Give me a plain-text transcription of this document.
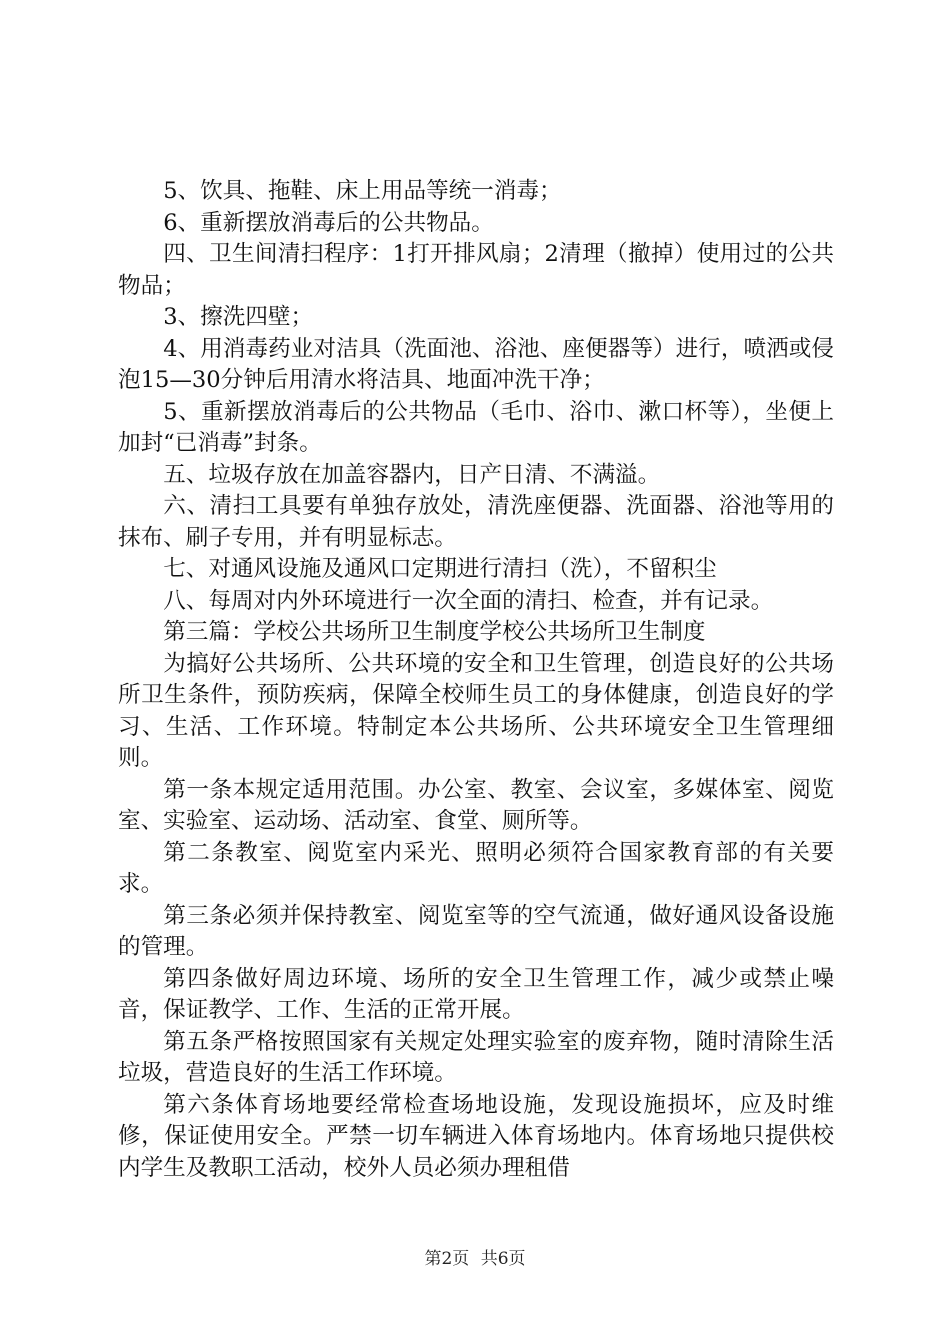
5、饮具、拖鞋、床上用品等统一消毒；

6、重新摆放消毒后的公共物品。

四、卫生间清扫程序：1打开排风扇；2清理（撤掉）使用过的公共物品；

3、擦洗四壁；

4、用消毒药业对洁具（洗面池、浴池、座便器等）进行，喷洒或侵泡15—30分钟后用清水将洁具、地面冲洗干净；

5、重新摆放消毒后的公共物品（毛巾、浴巾、漱口杯等），坐便上加封“已消毒”封条。

五、垃圾存放在加盖容器内，日产日清、不满溢。

六、清扫工具要有单独存放处，清洗座便器、洗面器、浴池等用的抹布、刷子专用，并有明显标志。

七、对通风设施及通风口定期进行清扫（洗），不留积尘

八、每周对内外环境进行一次全面的清扫、检查，并有记录。

第三篇：学校公共场所卫生制度学校公共场所卫生制度

为搞好公共场所、公共环境的安全和卫生管理，创造良好的公共场所卫生条件，预防疾病，保障全校师生员工的身体健康，创造良好的学习、生活、工作环境。特制定本公共场所、公共环境安全卫生管理细则。

第一条本规定适用范围。办公室、教室、会议室，多媒体室、阅览室、实验室、运动场、活动室、食堂、厕所等。

第二条教室、阅览室内采光、照明必须符合国家教育部的有关要求。

第三条必须并保持教室、阅览室等的空气流通，做好通风设备设施的管理。

第四条做好周边环境、场所的安全卫生管理工作，减少或禁止噪音，保证教学、工作、生活的正常开展。

第五条严格按照国家有关规定处理实验室的废弃物，随时清除生活垃圾，营造良好的生活工作环境。

第六条体育场地要经常检查场地设施，发现设施损坏，应及时维修，保证使用安全。严禁一切车辆进入体育场地内。体育场地只提供校内学生及教职工活动，校外人员必须办理租借

第2页 共6页
